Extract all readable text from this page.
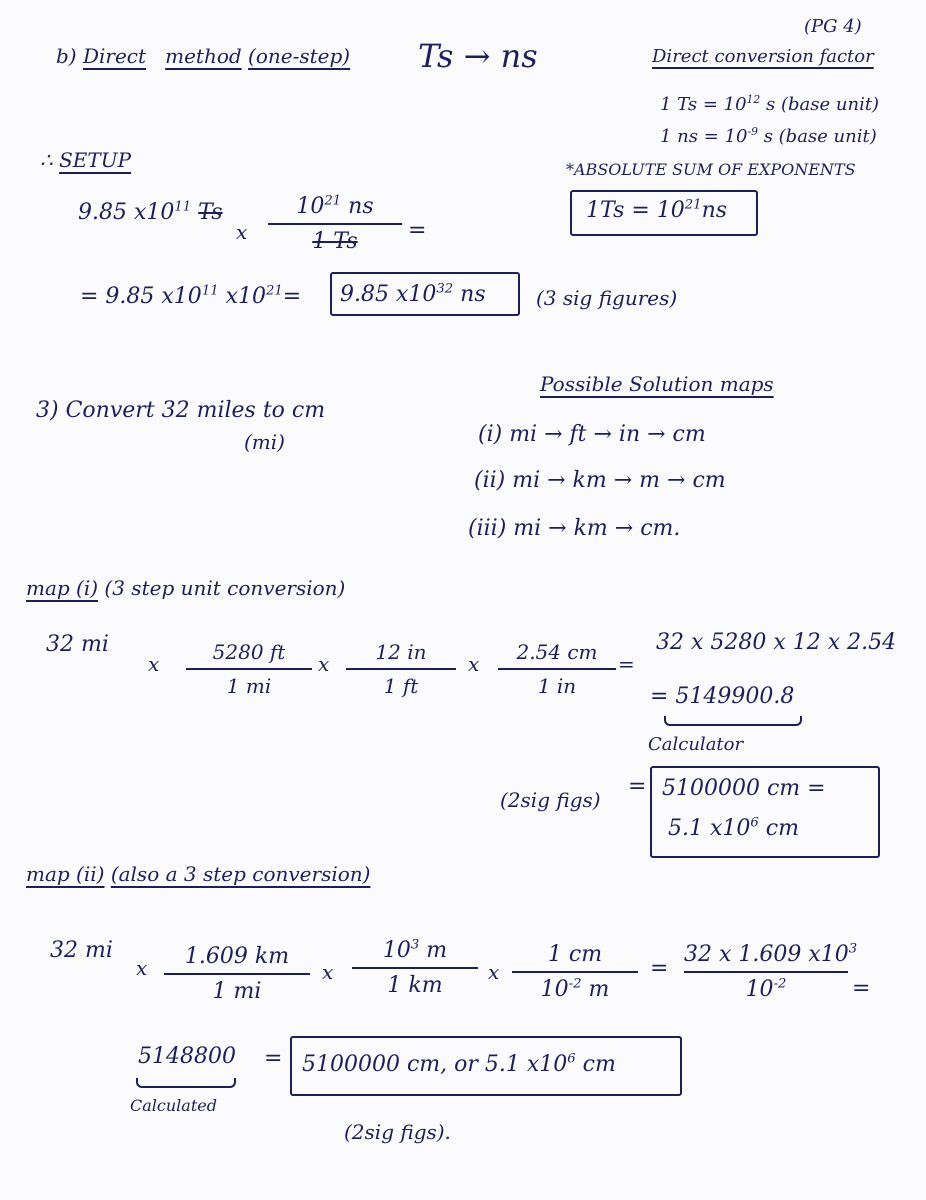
(PG 4)
b) Direct method (one-step) Ts → ns	Direct conversion factor
1 $Ts = 10^{12}$ s (base unit)
1 ns = $10^{-9}$ s (base unit)
*ABSOLUTE SUM OF EXPONENTS
$1Ts = 10^{21}ns$
∴ SETUP
9.85 $x10^{11}$ Ts
x
$10^{21}$ ns
1 Ts	=
= 9.85 $x10^{11}$ $x10^{21}= 9.85$ $x10^{32}$ ns	(3 sig figures)
3) Convert 32 miles to cm
(mi)
Possible Solution maps
(i) mi → ft → in → cm
(ii) mi → km → m → cm
(iii) mi → km → cm.
map (i) (3 step unit conversion)
32 mi
x	5280 ft
1 mi
x	12 in
1 ft
x	2.54 cm
1 in
=
32 x 5280 x 12 x 2.54
= 5149900.8
Calculator
(2sig figs)
= 5100000 cm =
5.1 $x10^6$ cm
map (ii) (also a 3 step conversion)
32 mi
x	1.609 km
1 mi
x
$10^3$ m
1 km
x
1 cm
$10^{-2}$ m
=
32 x 1.609 $x10^3$
$10^{-2}$	=
5148800
Calculated
= 5100000 cm, or 5.1 $x10^6$ cm
(2sig figs).
